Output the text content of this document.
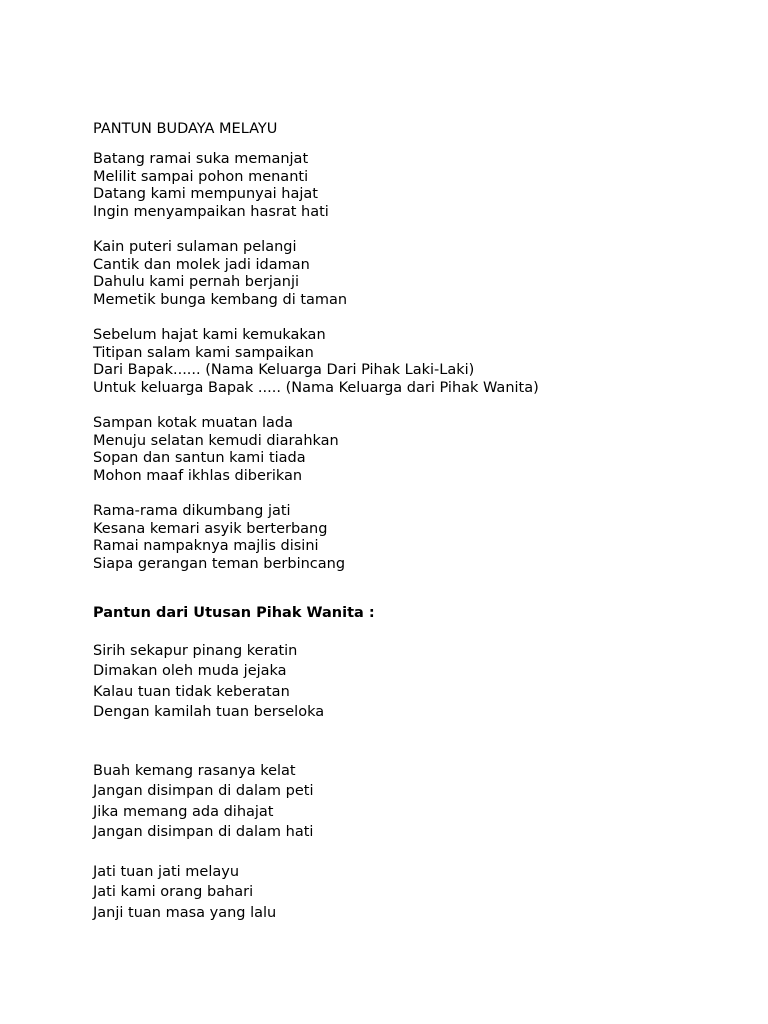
PANTUN BUDAYA MELAYU
Batang ramai suka memanjat
Melilit sampai pohon menanti
Datang kami mempunyai hajat
Ingin menyampaikan hasrat hati
Kain puteri sulaman pelangi
Cantik dan molek jadi idaman
Dahulu kami pernah berjanji
Memetik bunga kembang di taman
Sebelum hajat kami kemukakan
Titipan salam kami sampaikan
Dari Bapak...... (Nama Keluarga Dari Pihak Laki-Laki)
Untuk keluarga Bapak ..... (Nama Keluarga dari Pihak Wanita)
Sampan kotak muatan lada
Menuju selatan kemudi diarahkan
Sopan dan santun kami tiada
Mohon maaf ikhlas diberikan
Rama-rama dikumbang jati
Kesana kemari asyik berterbang
Ramai nampaknya majlis disini
Siapa gerangan teman berbincang
Pantun dari Utusan Pihak Wanita :
Sirih sekapur pinang keratin
Dimakan oleh muda jejaka
Kalau tuan tidak keberatan
Dengan kamilah tuan berseloka
Buah kemang rasanya kelat
Jangan disimpan di dalam peti
Jika memang ada dihajat
Jangan disimpan di dalam hati
Jati tuan jati melayu
Jati kami orang bahari
Janji tuan masa yang lalu
